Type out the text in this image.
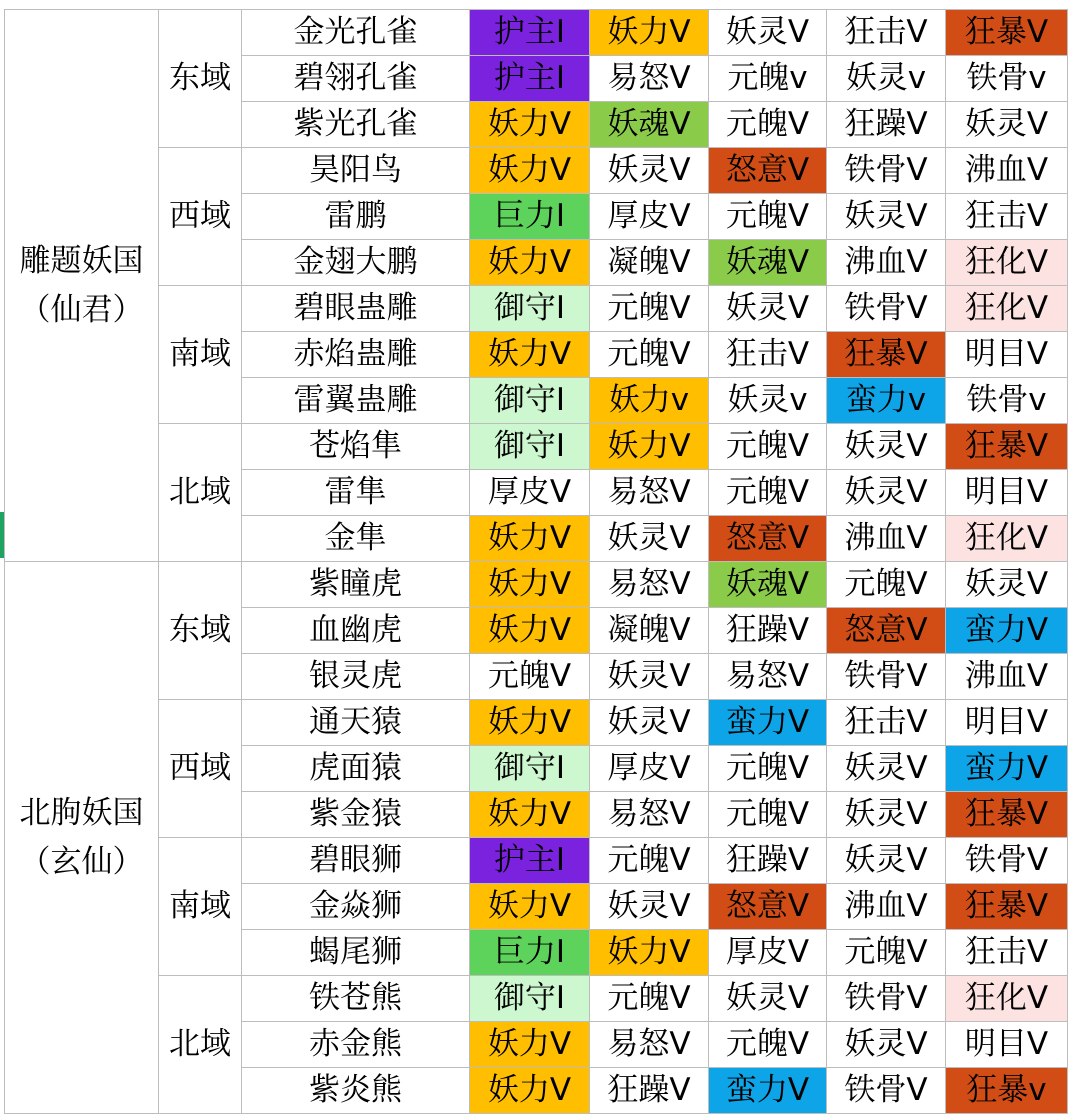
雕题妖国
（仙君）	东域	金光孔雀	护主I	妖力V	妖灵V	狂击V	狂暴V
		碧翎孔雀	护主I	易怒V	元魄v	妖灵v	铁骨v
		紫光孔雀	妖力V	妖魂V	元魄V	狂躁V	妖灵V
	西域	昊阳鸟	妖力V	妖灵V	怒意V	铁骨V	沸血V
		雷鹏	巨力I	厚皮V	元魄V	妖灵V	狂击V
		金翅大鹏	妖力V	凝魄V	妖魂V	沸血V	狂化V
	南域	碧眼蛊雕	御守I	元魄V	妖灵V	铁骨V	狂化V
		赤焰蛊雕	妖力V	元魄V	狂击V	狂暴V	明目V
		雷翼蛊雕	御守I	妖力v	妖灵v	蛮力v	铁骨v
	北域	苍焰隼	御守I	妖力V	元魄V	妖灵V	狂暴V
		雷隼	厚皮V	易怒V	元魄V	妖灵V	明目V
		金隼	妖力V	妖灵V	怒意V	沸血V	狂化V

北朐妖国
（玄仙）	东域	紫瞳虎	妖力V	易怒V	妖魂V	元魄V	妖灵V
		血幽虎	妖力V	凝魄V	狂躁V	怒意V	蛮力V
		银灵虎	元魄V	妖灵V	易怒V	铁骨V	沸血V
	西域	通天猿	妖力V	妖灵V	蛮力V	狂击V	明目V
		虎面猿	御守I	厚皮V	元魄V	妖灵V	蛮力V
		紫金猿	妖力V	易怒V	元魄V	妖灵V	狂暴V
	南域	碧眼狮	护主I	元魄V	狂躁V	妖灵V	铁骨V
		金焱狮	妖力V	妖灵V	怒意V	沸血V	狂暴V
		蝎尾狮	巨力I	妖力V	厚皮V	元魄V	狂击V
	北域	铁苍熊	御守I	元魄V	妖灵V	铁骨V	狂化V
		赤金熊	妖力V	易怒V	元魄V	妖灵V	明目V
		紫炎熊	妖力V	狂躁V	蛮力V	铁骨V	狂暴v
